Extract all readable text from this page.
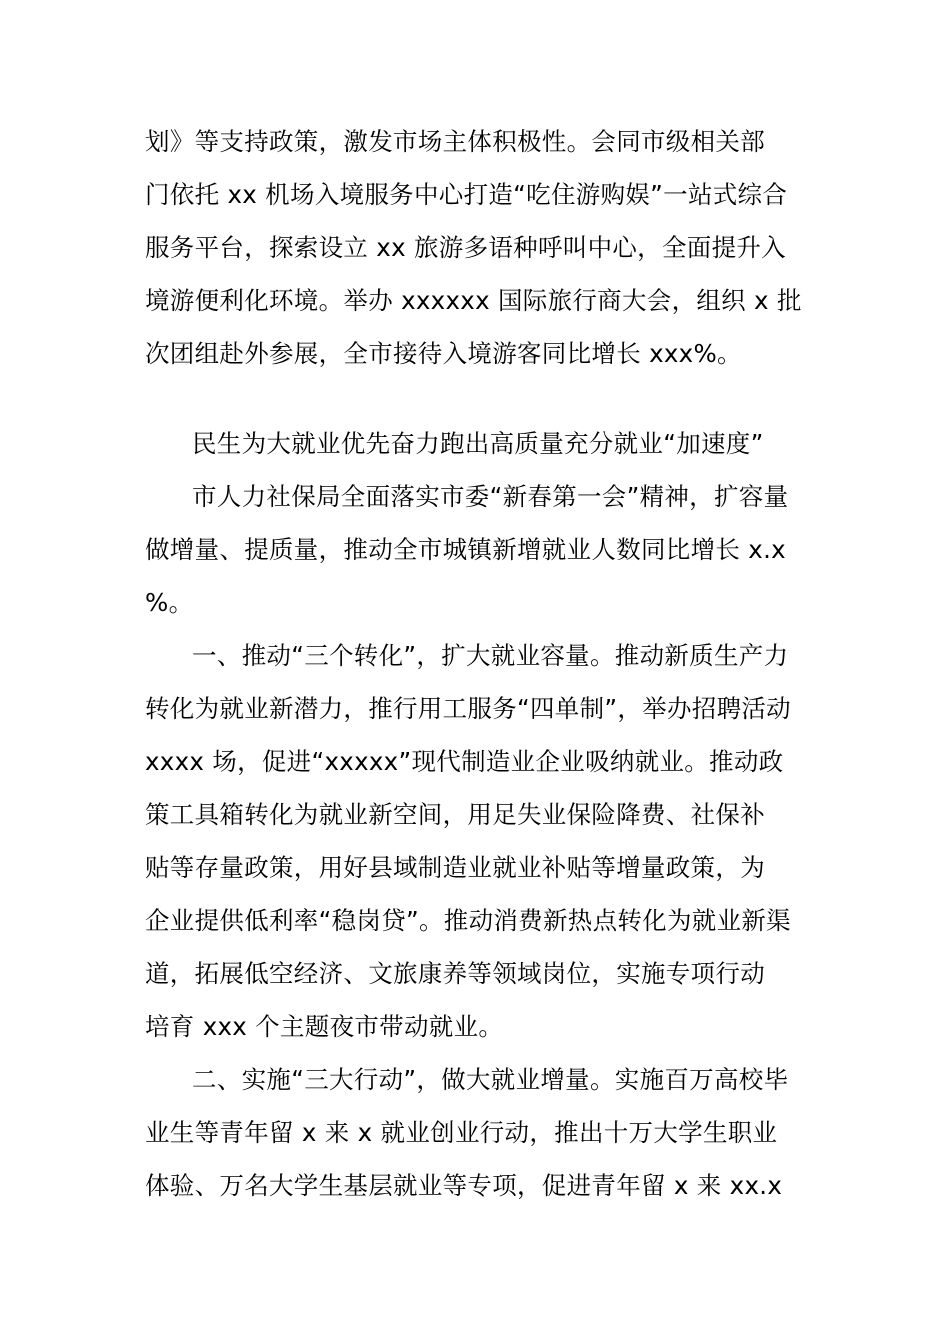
划》等支持政策，激发市场主体积极性。会同市级相关部
门依托 xx 机场入境服务中心打造“吃住游购娱”一站式综合
服务平台，探索设立 xx 旅游多语种呼叫中心，全面提升入
境游便利化环境。举办 xxxxxx 国际旅行商大会，组织 x 批
次团组赴外参展，全市接待入境游客同比增长 xxx%。
民生为大就业优先奋力跑出高质量充分就业“加速度”
市人力社保局全面落实市委“新春第一会”精神，扩容量
做增量、提质量，推动全市城镇新增就业人数同比增长 x.x
%。
一、推动“三个转化”，扩大就业容量。推动新质生产力
转化为就业新潜力，推行用工服务“四单制”，举办招聘活动
xxxx 场，促进“xxxxx”现代制造业企业吸纳就业。推动政
策工具箱转化为就业新空间，用足失业保险降费、社保补
贴等存量政策，用好县域制造业就业补贴等增量政策，为
企业提供低利率“稳岗贷”。推动消费新热点转化为就业新渠
道，拓展低空经济、文旅康养等领域岗位，实施专项行动
培育 xxx 个主题夜市带动就业。
二、实施“三大行动”，做大就业增量。实施百万高校毕
业生等青年留 x 来 x 就业创业行动，推出十万大学生职业
体验、万名大学生基层就业等专项，促进青年留 x 来 xx.x
